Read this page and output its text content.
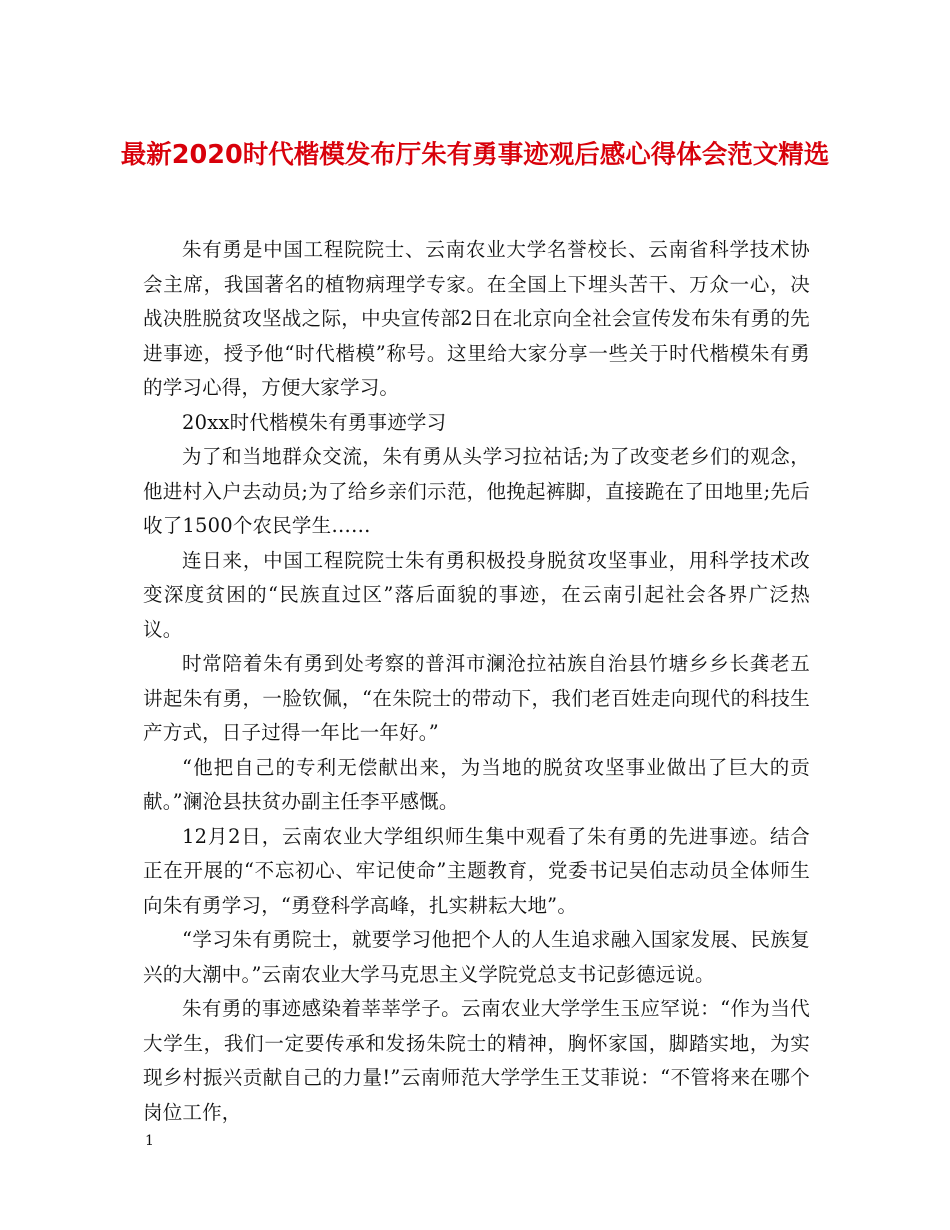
最新2020时代楷模发布厅朱有勇事迹观后感心得体会范文精选

朱有勇是中国工程院院士、云南农业大学名誉校长、云南省科学技术协会主席，我国著名的植物病理学专家。在全国上下埋头苦干、万众一心，决战决胜脱贫攻坚战之际，中央宣传部2日在北京向全社会宣传发布朱有勇的先进事迹，授予他“时代楷模”称号。这里给大家分享一些关于时代楷模朱有勇的学习心得，方便大家学习。

20xx时代楷模朱有勇事迹学习

为了和当地群众交流，朱有勇从头学习拉祜话;为了改变老乡们的观念，他进村入户去动员;为了给乡亲们示范，他挽起裤脚，直接跪在了田地里;先后收了1500个农民学生……

连日来，中国工程院院士朱有勇积极投身脱贫攻坚事业，用科学技术改变深度贫困的“民族直过区”落后面貌的事迹，在云南引起社会各界广泛热议。

时常陪着朱有勇到处考察的普洱市澜沧拉祜族自治县竹塘乡乡长龚老五讲起朱有勇，一脸钦佩，“在朱院士的带动下，我们老百姓走向现代的科技生产方式，日子过得一年比一年好。”

“他把自己的专利无偿献出来，为当地的脱贫攻坚事业做出了巨大的贡献。”澜沧县扶贫办副主任李平感慨。

12月2日，云南农业大学组织师生集中观看了朱有勇的先进事迹。结合正在开展的“不忘初心、牢记使命”主题教育，党委书记吴伯志动员全体师生向朱有勇学习，“勇登科学高峰，扎实耕耘大地”。

“学习朱有勇院士，就要学习他把个人的人生追求融入国家发展、民族复兴的大潮中。”云南农业大学马克思主义学院党总支书记彭德远说。

朱有勇的事迹感染着莘莘学子。云南农业大学学生玉应罕说：“作为当代大学生，我们一定要传承和发扬朱院士的精神，胸怀家国，脚踏实地，为实现乡村振兴贡献自己的力量!”云南师范大学学生王艾菲说：“不管将来在哪个岗位工作，

1
